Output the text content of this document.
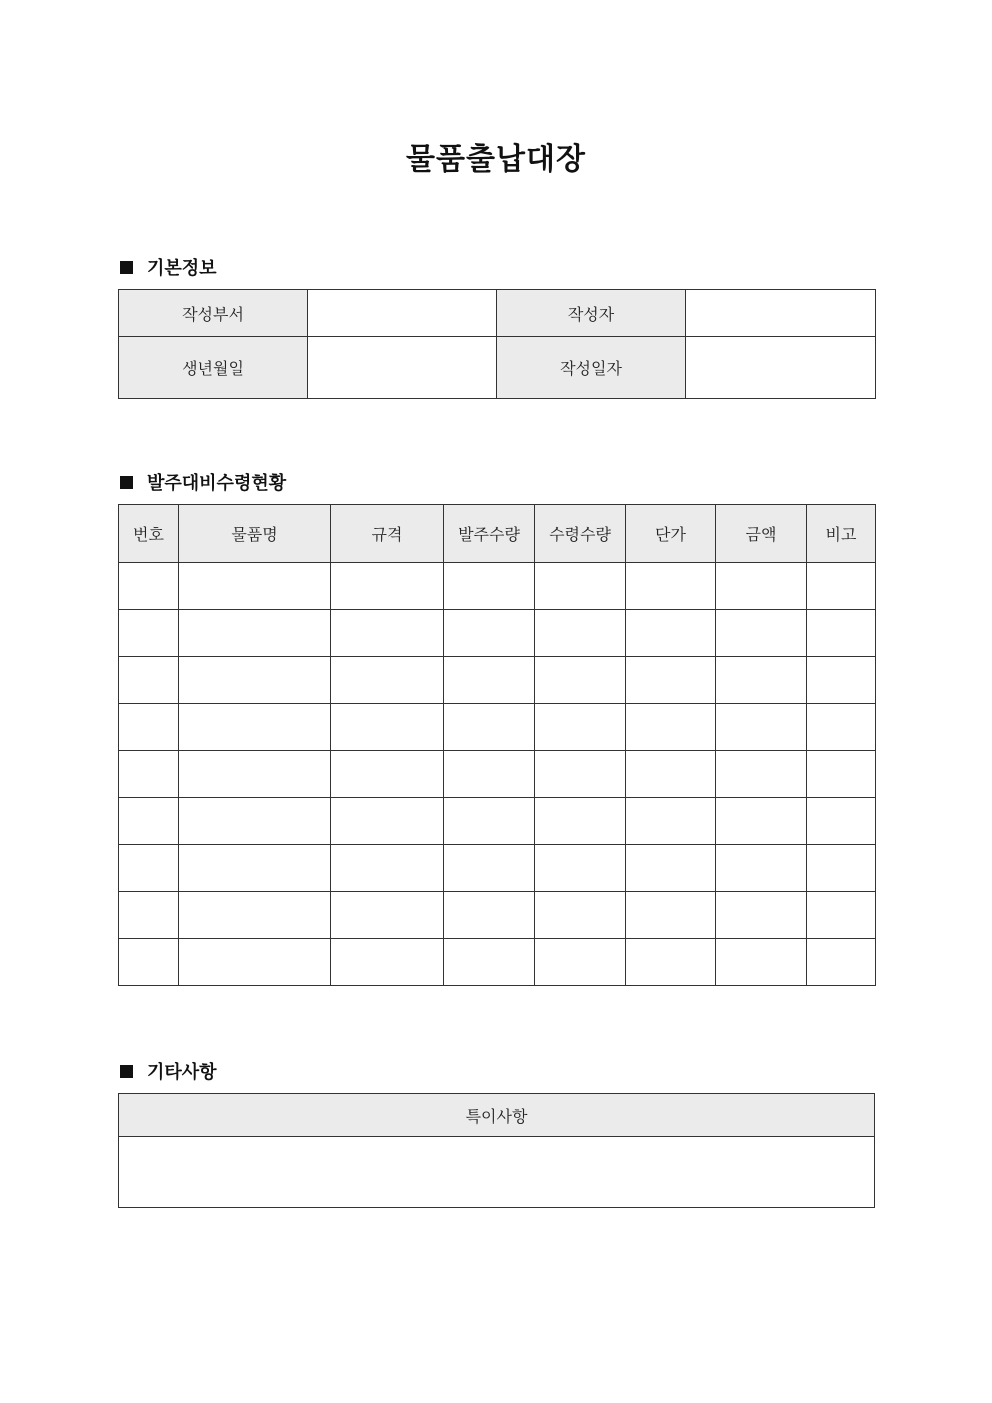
물품출납대장
기본정보
작성부서		작성자	
생년월일		작성일자	
발주대비수령현황
번호	물품명	규격	발주수량	수령수량	단가	금액	비고

기타사항
특이사항
